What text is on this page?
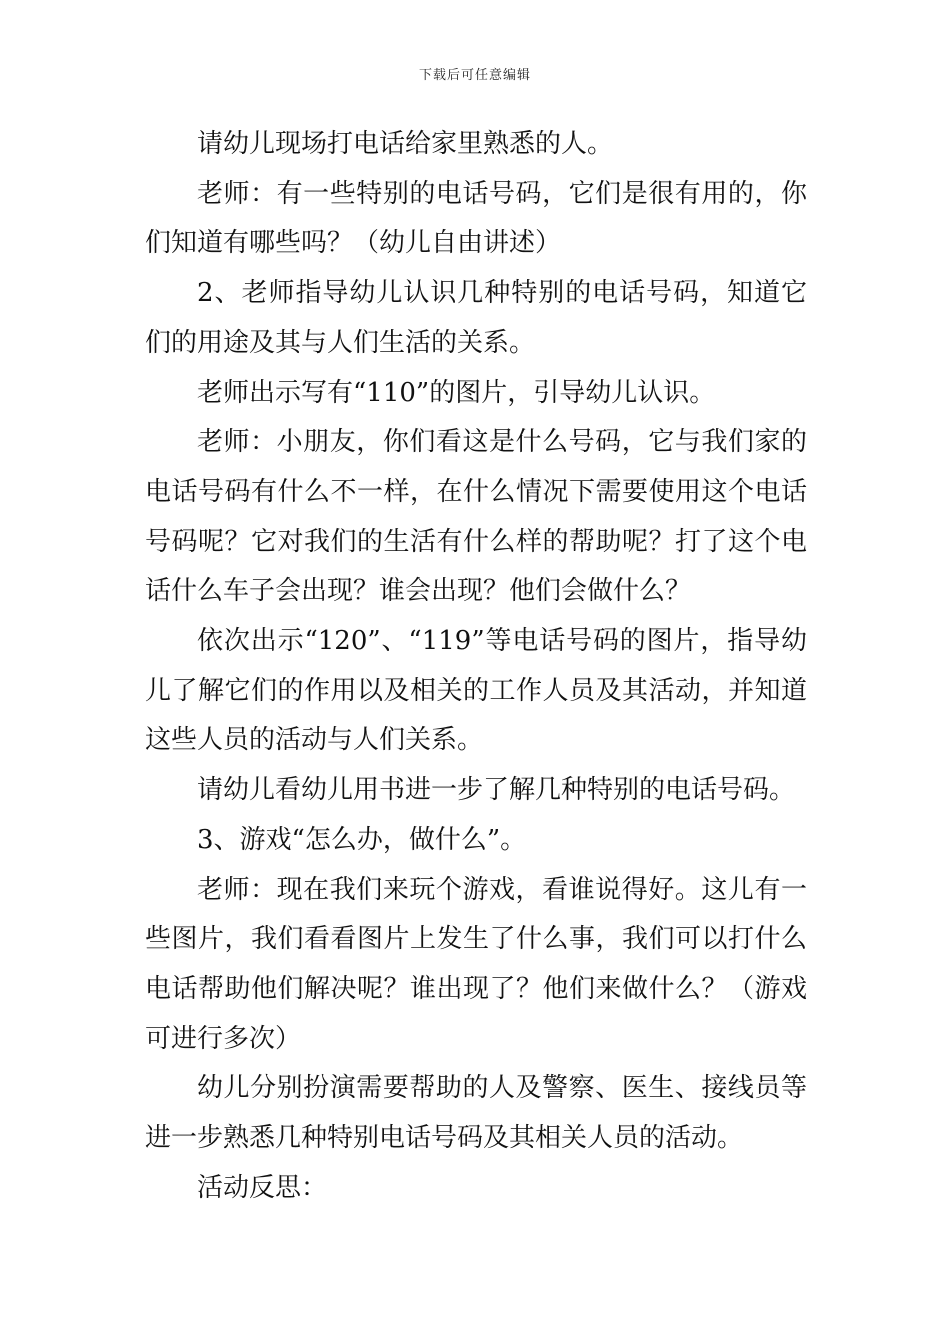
下载后可任意编辑

请幼儿现场打电话给家里熟悉的人。

老师：有一些特别的电话号码，它们是很有用的，你们知道有哪些吗？（幼儿自由讲述）

2、老师指导幼儿认识几种特别的电话号码，知道它们的用途及其与人们生活的关系。

老师出示写有“110”的图片，引导幼儿认识。

老师：小朋友，你们看这是什么号码，它与我们家的电话号码有什么不一样，在什么情况下需要使用这个电话号码呢？它对我们的生活有什么样的帮助呢？打了这个电话什么车子会出现？谁会出现？他们会做什么？

依次出示“120”、“119”等电话号码的图片，指导幼儿了解它们的作用以及相关的工作人员及其活动，并知道这些人员的活动与人们关系。

请幼儿看幼儿用书进一步了解几种特别的电话号码。

3、游戏“怎么办，做什么”。

老师：现在我们来玩个游戏，看谁说得好。这儿有一些图片，我们看看图片上发生了什么事，我们可以打什么电话帮助他们解决呢？谁出现了？他们来做什么？（游戏可进行多次）

幼儿分别扮演需要帮助的人及警察、医生、接线员等进一步熟悉几种特别电话号码及其相关人员的活动。

活动反思：
